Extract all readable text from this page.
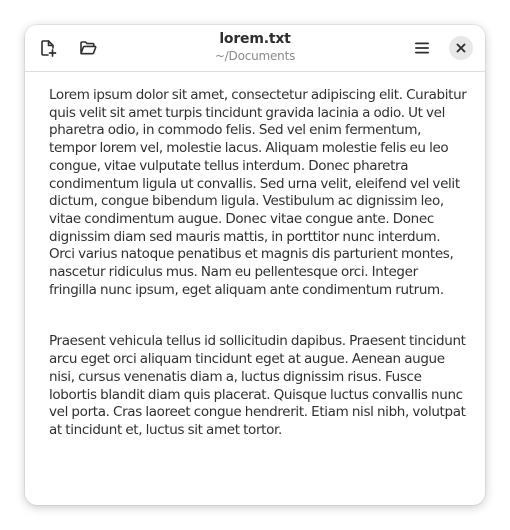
lorem.txt
~/Documents

Lorem ipsum dolor sit amet, consectetur adipiscing elit. Curabitur quis velit sit amet turpis tincidunt gravida lacinia a odio. Ut vel pharetra odio, in commodo felis. Sed vel enim fermentum, tempor lorem vel, molestie lacus. Aliquam molestie felis eu leo congue, vitae vulputate tellus interdum. Donec pharetra condimentum ligula ut convallis. Sed urna velit, eleifend vel velit dictum, congue bibendum ligula. Vestibulum ac dignissim leo, vitae condimentum augue. Donec vitae congue ante. Donec dignissim diam sed mauris mattis, in porttitor nunc interdum. Orci varius natoque penatibus et magnis dis parturient montes, nascetur ridiculus mus. Nam eu pellentesque orci. Integer fringilla nunc ipsum, eget aliquam ante condimentum rutrum.

Praesent vehicula tellus id sollicitudin dapibus. Praesent tincidunt arcu eget orci aliquam tincidunt eget at augue. Aenean augue nisi, cursus venenatis diam a, luctus dignissim risus. Fusce lobortis blandit diam quis placerat. Quisque luctus convallis nunc vel porta. Cras laoreet congue hendrerit. Etiam nisl nibh, volutpat at tincidunt et, luctus sit amet tortor.
